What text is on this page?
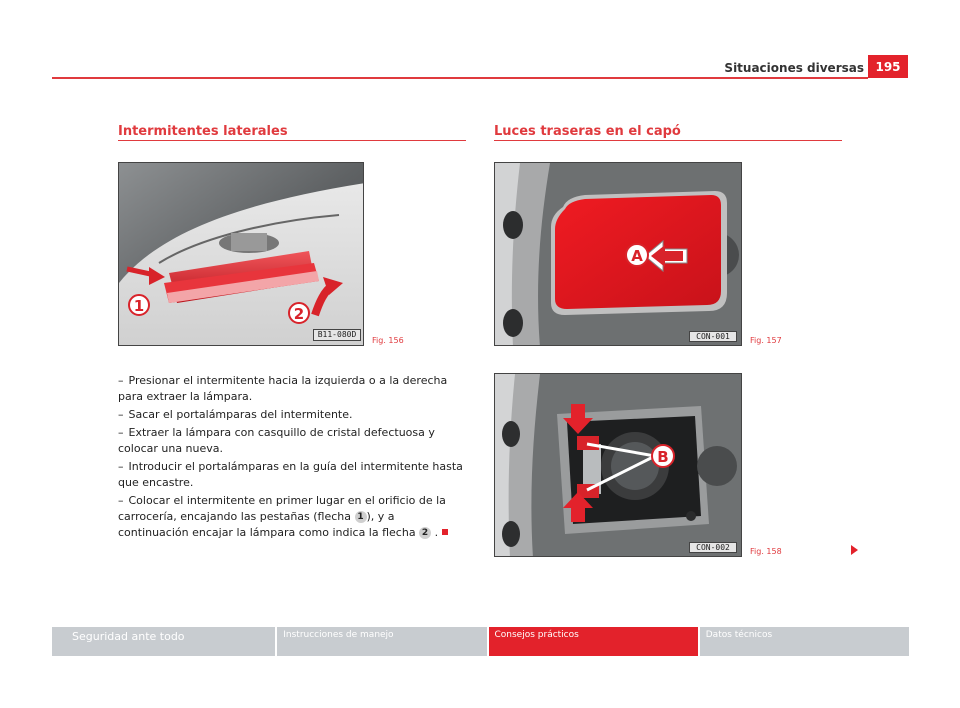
Situaciones diversas 195
Intermitentes laterales	Luces traseras en el capó
1	2
B11-080D
Fig. 156

– Presionar el intermitente hacia la izquierda o a la derecha para extraer la lámpara.

– Sacar el portalámparas del intermitente.

– Extraer la lámpara con casquillo de cristal defectuosa y colocar una nueva.

– Introducir el portalámparas en la guía del intermitente hasta que encastre.

– Colocar el intermitente en primer lugar en el orificio de la carrocería, encajando las pestañas (flecha 1 ), y a continuación encajar la lámpara como indica la flecha 2 .

A
CON-001	Fig. 157
B
CON-002	Fig. 158
Seguridad ante todo	Instrucciones de manejo	Consejos prácticos	Datos técnicos
